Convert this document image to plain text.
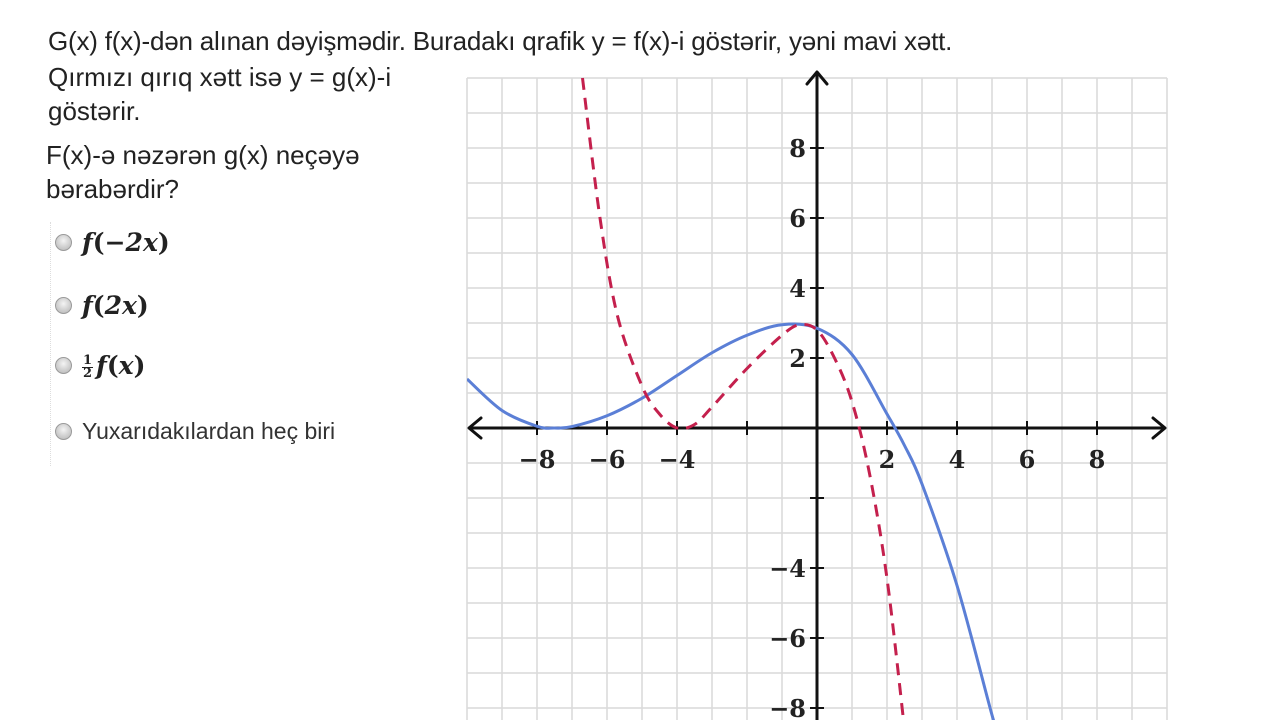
G(x) f(x)-dən alınan dəyişmədir. Buradakı qrafik y = f(x)-i göstərir, yəni mavi xətt.
Qırmızı qırıq xətt isə y = g(x)-i göstərir.
F(x)-ə nəzərən g(x) neçəyə bərabərdir?
f(−2x)
f(2x)
$\frac{1}{2} f(x)$
Yuxarıdakılardan heç biri
−8 −6 −4	2 4 6 8
8
6
4
2
−4
−6
−8
